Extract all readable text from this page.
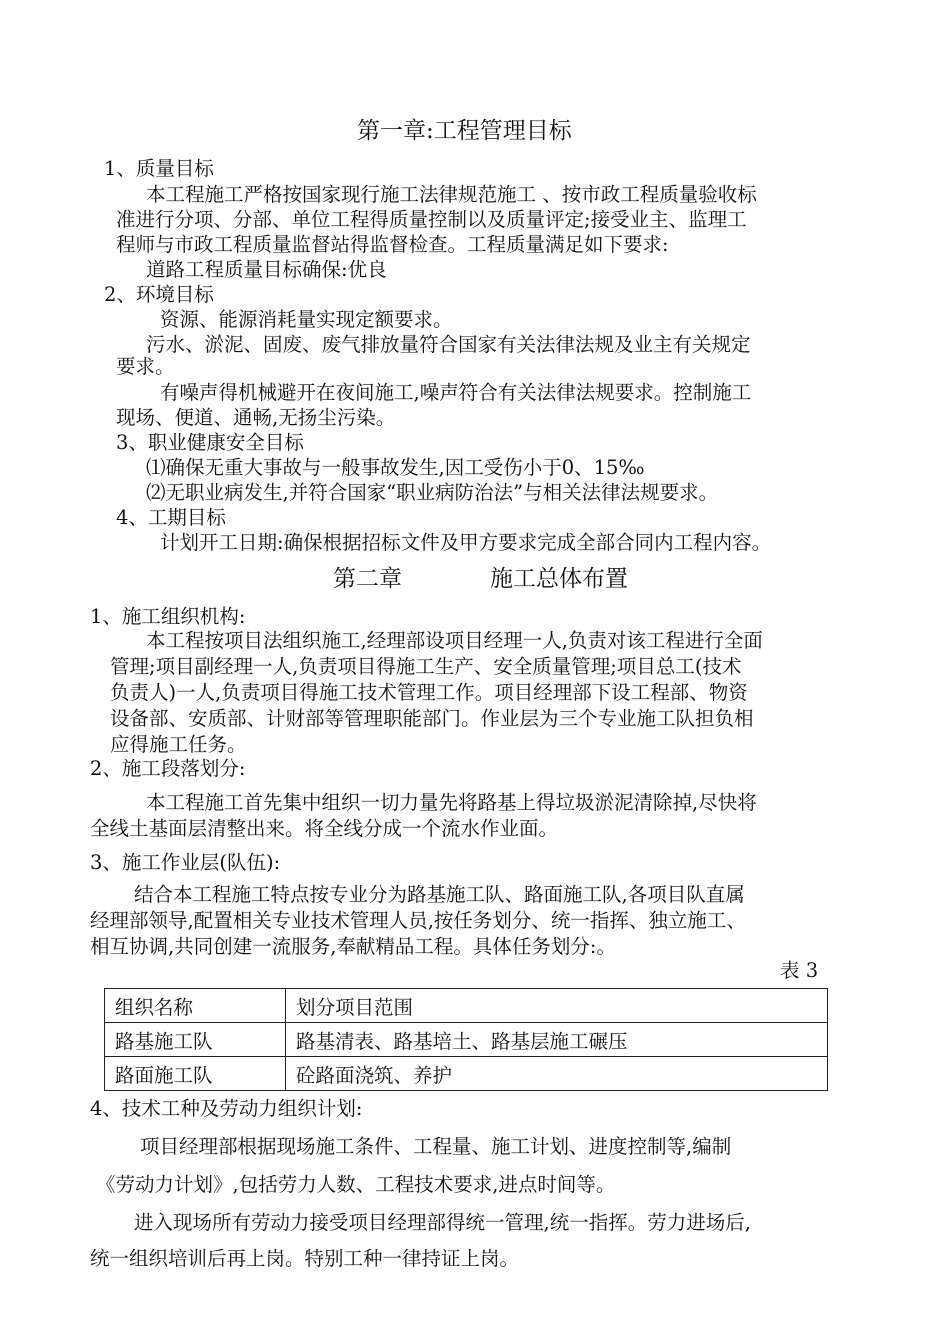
第一章:工程管理目标
1、质量目标
本工程施工严格按国家现行施工法律规范施工 、按市政工程质量验收标
准进行分项、分部、单位工程得质量控制以及质量评定;接受业主、监理工
程师与市政工程质量监督站得监督检查。工程质量满足如下要求:
道路工程质量目标确保:优良
2、环境目标
资源、能源消耗量实现定额要求。
污水、淤泥、固废、废气排放量符合国家有关法律法规及业主有关规定
要求。
有噪声得机械避开在夜间施工,噪声符合有关法律法规要求。控制施工
现场、便道、通畅,无扬尘污染。
3、职业健康安全目标
⑴确保无重大事故与一般事故发生,因工受伤小于0、15‰
⑵无职业病发生,并符合国家“职业病防治法”与相关法律法规要求。
4、工期目标
计划开工日期:确保根据招标文件及甲方要求完成全部合同内工程内容。
第二章	施工总体布置
1、施工组织机构:
本工程按项目法组织施工,经理部设项目经理一人,负责对该工程进行全面
管理;项目副经理一人,负责项目得施工生产、安全质量管理;项目总工(技术
负责人)一人,负责项目得施工技术管理工作。项目经理部下设工程部、物资
设备部、安质部、计财部等管理职能部门。作业层为三个专业施工队担负相
应得施工任务。
2、施工段落划分:
本工程施工首先集中组织一切力量先将路基上得垃圾淤泥清除掉,尽快将
全线土基面层清整出来。将全线分成一个流水作业面。
3、施工作业层(队伍):
结合本工程施工特点按专业分为路基施工队、路面施工队,各项目队直属
经理部领导,配置相关专业技术管理人员,按任务划分、统一指挥、独立施工、
相互协调,共同创建一流服务,奉献精品工程。具体任务划分:。
表 3
组织名称	划分项目范围
路基施工队	路基清表、路基培土、路基层施工碾压
路面施工队	砼路面浇筑、养护
4、技术工种及劳动力组织计划:
项目经理部根据现场施工条件、工程量、施工计划、进度控制等,编制
《劳动力计划》,包括劳力人数、工程技术要求,进点时间等。
进入现场所有劳动力接受项目经理部得统一管理,统一指挥。劳力进场后,
统一组织培训后再上岗。特别工种一律持证上岗。
